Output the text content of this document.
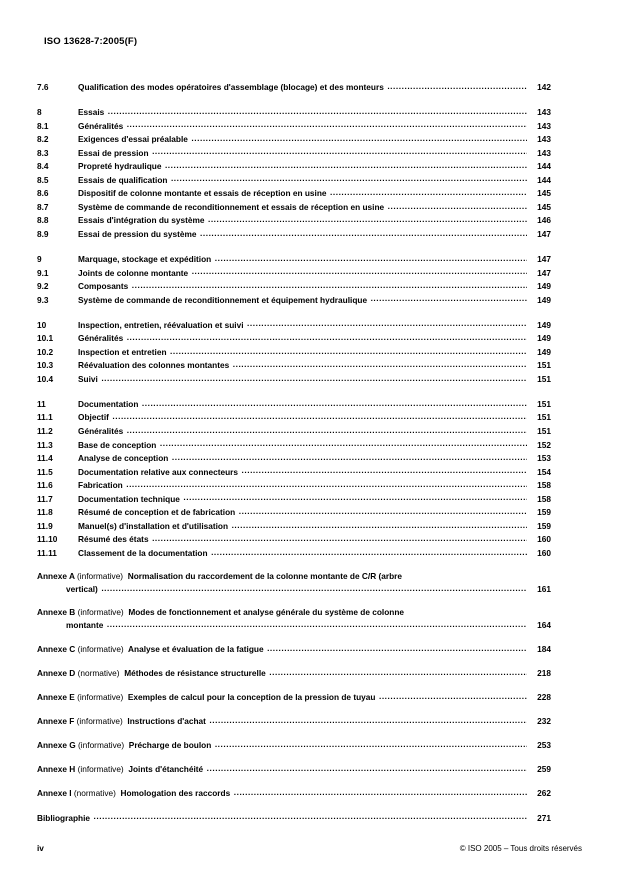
ISO 13628-7:2005(F)
7.6	Qualification des modes opératoires d'assemblage (blocage) et des monteurs .....	142
8	Essais .....	143
8.1	Généralités .....	143
8.2	Exigences d'essai préalable .....	143
8.3	Essai de pression .....	143
8.4	Propreté hydraulique .....	144
8.5	Essais de qualification .....	144
8.6	Dispositif de colonne montante et essais de réception en usine .....	145
8.7	Système de commande de reconditionnement et essais de réception en usine .....	145
8.8	Essais d'intégration du système .....	146
8.9	Essai de pression du système .....	147
9	Marquage, stockage et expédition .....	147
9.1	Joints de colonne montante .....	147
9.2	Composants .....	149
9.3	Système de commande de reconditionnement et équipement hydraulique .....	149
10	Inspection, entretien, réévaluation et suivi .....	149
10.1	Généralités .....	149
10.2	Inspection et entretien .....	149
10.3	Réévaluation des colonnes montantes .....	151
10.4	Suivi .....	151
11	Documentation .....	151
11.1	Objectif .....	151
11.2	Généralités .....	151
11.3	Base de conception .....	152
11.4	Analyse de conception .....	153
11.5	Documentation relative aux connecteurs .....	154
11.6	Fabrication .....	158
11.7	Documentation technique .....	158
11.8	Résumé de conception et de fabrication .....	159
11.9	Manuel(s) d'installation et d'utilisation .....	159
11.10	Résumé des états .....	160
11.11	Classement de la documentation .....	160
Annexe A (informative) Normalisation du raccordement de la colonne montante de C/R (arbre
vertical) .....	161
Annexe B (informative) Modes de fonctionnement et analyse générale du système de colonne
montante .....	164
Annexe C (informative) Analyse et évaluation de la fatigue .....	184
Annexe D (normative) Méthodes de résistance structurelle .....	218
Annexe E (informative) Exemples de calcul pour la conception de la pression de tuyau .....	228
Annexe F (informative) Instructions d'achat .....	232
Annexe G (informative) Précharge de boulon .....	253
Annexe H (informative) Joints d'étanchéité .....	259
Annexe I (normative) Homologation des raccords .....	262
Bibliographie .....	271
iv	© ISO 2005 – Tous droits réservés
